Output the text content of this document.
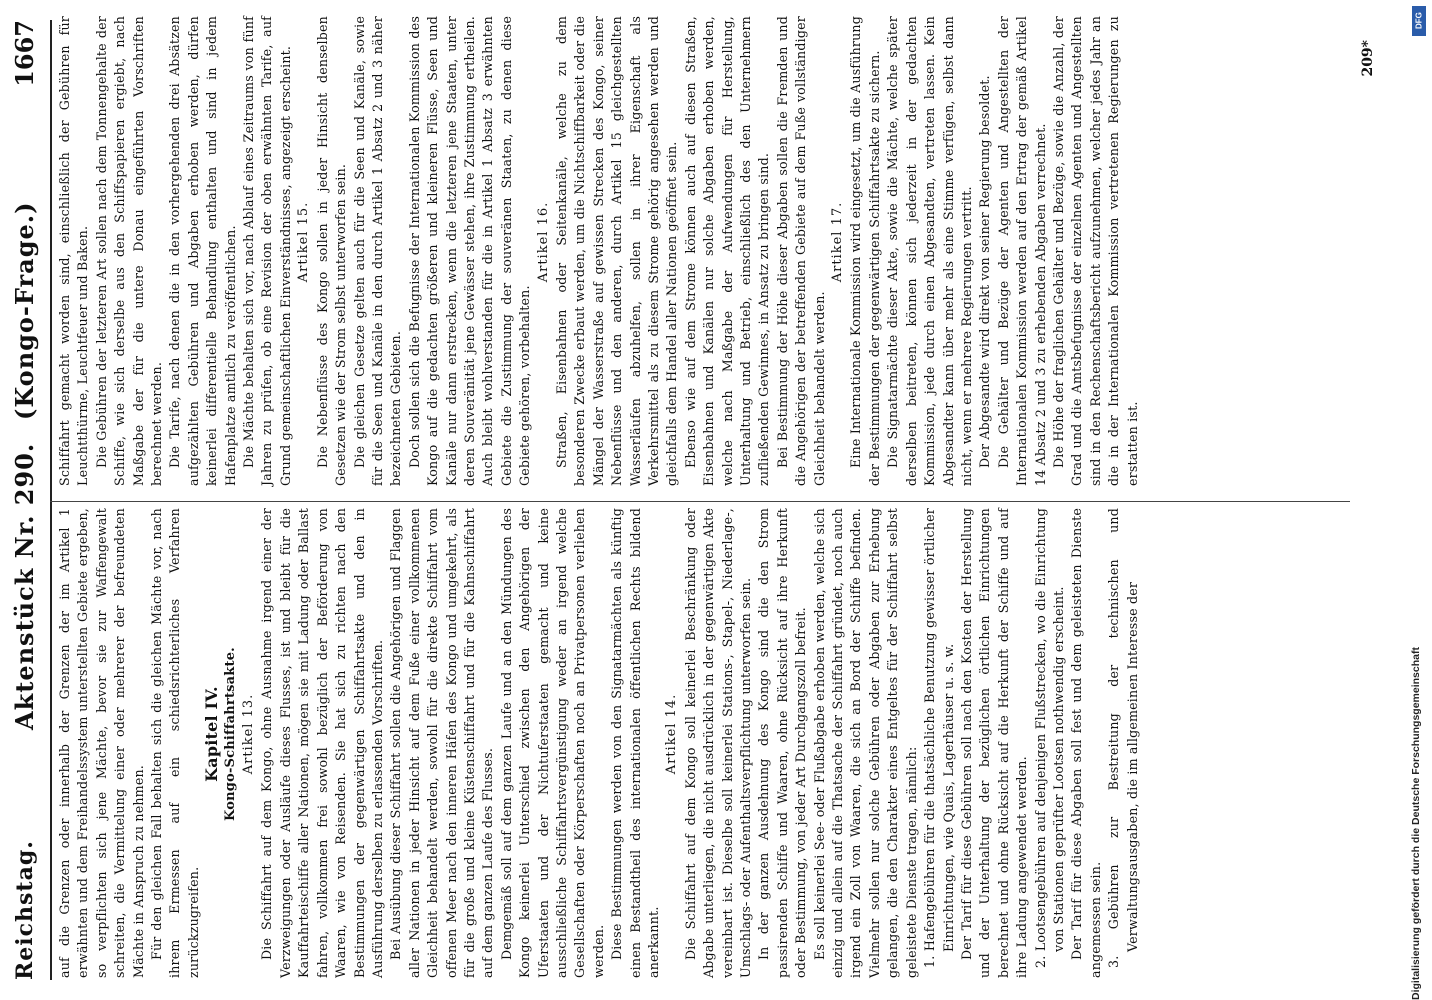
Reichstag.
Aktenstück Nr. 290.
(Kongo-Frage.)
1667

auf die Grenzen oder innerhalb der Grenzen der im Artikel 1 erwähnten und dem Freihandelssystem unterstellten Gebiete ergeben, so verpflichten sich jene Mächte, bevor sie zur Waffengewalt schreiten, die Vermittelung einer oder mehrerer der befreundeten Mächte in Anspruch zu nehmen. Für den gleichen Fall behalten sich die gleichen Mächte vor, nach ihrem Ermessen auf ein schiedsrichterliches Verfahren zurückzugreifen.

Kapitel IV. Kongo-Schiffahrtsakte. Artikel 13. Die Schiffahrt auf dem Kongo, ohne Ausnahme irgend einer der Verzweigungen oder Ausläufe dieses Flusses, ist und bleibt für die Kauffahrteischiffe aller Nationen, mögen sie mit Ladung oder Ballast fahren, vollkommen frei sowohl bezüglich der Beförderung von Waaren, wie von Reisenden. Sie hat sich zu richten nach den Bestimmungen der gegenwärtigen Schiffahrtsakte und den in Ausführung derselben zu erlassenden Vorschriften. Bei Ausübung dieser Schiffahrt sollen die Angehörigen und Flaggen aller Nationen in jeder Hinsicht auf dem Fuße einer vollkommenen Gleichheit behandelt werden, sowohl für die direkte Schiffahrt vom offenen Meer nach den inneren Häfen des Kongo und umgekehrt, als für die große und kleine Küstenschiffahrt und für die Kahnschiffahrt auf dem ganzen Laufe des Flusses. Demgemäß soll auf dem ganzen Laufe und an den Mündungen des Kongo keinerlei Unterschied zwischen den Angehörigen der Uferstaaten und der Nichtuferstaaten gemacht und keine ausschließliche Schiffahrtsvergünstigung weder an irgend welche Gesellschaften oder Körperschaften noch an Privatpersonen verliehen werden. Diese Bestimmungen werden von den Signatarmächten als künftig einen Bestandtheil des internationalen öffentlichen Rechts bildend anerkannt.

Artikel 14. Die Schiffahrt auf dem Kongo soll keinerlei Beschränkung oder Abgabe unterliegen, die nicht ausdrücklich in der gegenwärtigen Akte vereinbart ist. Dieselbe soll keinerlei Stations-, Stapel-, Niederlage-, Umschlags- oder Aufenthaltsverpflichtung unterworfen sein. In der ganzen Ausdehnung des Kongo sind die den Strom passirenden Schiffe und Waaren, ohne Rücksicht auf ihre Herkunft oder Bestimmung, von jeder Art Durchgangszoll befreit. Es soll keinerlei See- oder Flußabgabe erhoben werden, welche sich einzig und allein auf die Thatsache der Schiffahrt gründet, noch auch irgend ein Zoll von Waaren, die sich an Bord der Schiffe befinden. Vielmehr sollen nur solche Gebühren oder Abgaben zur Erhebung gelangen, die den Charakter eines Entgeltes für der Schiffahrt selbst geleistete Dienste tragen, nämlich: 1. Hafengebühren für die thatsächliche Benutzung gewisser örtlicher Einrichtungen, wie Quais, Lagerhäuser u. s. w. Der Tarif für diese Gebühren soll nach den Kosten der Herstellung und der Unterhaltung der bezüglichen örtlichen Einrichtungen berechnet und ohne Rücksicht auf die Herkunft der Schiffe und auf ihre Ladung angewendet werden. 2. Lootsengebühren auf denjenigen Flußstrecken, wo die Einrichtung von Stationen geprüfter Lootsen nothwendig erscheint. Der Tarif für diese Abgaben soll fest und dem geleisteten Dienste angemessen sein. 3. Gebühren zur Bestreitung der technischen und Verwaltungsausgaben, die im allgemeinen Interesse der

Schiffahrt gemacht worden sind, einschließlich der Gebühren für Leuchtthürme, Leuchtfeuer und Baken. Die Gebühren der letzteren Art sollen nach dem Tonnengehalte der Schiffe, wie sich derselbe aus den Schiffspapieren ergiebt, nach Maßgabe der für die untere Donau eingeführten Vorschriften berechnet werden. Die Tarife, nach denen die in den vorhergehenden drei Absätzen aufgezählten Gebühren und Abgaben erhoben werden, dürfen keinerlei differentielle Behandlung enthalten und sind in jedem Hafenplatze amtlich zu veröffentlichen. Die Mächte behalten sich vor, nach Ablauf eines Zeitraums von fünf Jahren zu prüfen, ob eine Revision der oben erwähnten Tarife, auf Grund gemeinschaftlichen Einverständnisses, angezeigt erscheint. Artikel 15. Die Nebenflüsse des Kongo sollen in jeder Hinsicht denselben Gesetzen wie der Strom selbst unterworfen sein. Die gleichen Gesetze gelten auch für die Seen und Kanäle, sowie für die Seen und Kanäle in den durch Artikel 1 Absatz 2 und 3 näher bezeichneten Gebieten. Doch sollen sich die Befugnisse der Internationalen Kommission des Kongo auf die gedachten größeren und kleineren Flüsse, Seen und Kanäle nur dann erstrecken, wenn die letzteren jene Staaten, unter deren Souveränität jene Gewässer stehen, ihre Zustimmung ertheilen. Auch bleibt wohlverstanden für die in Artikel 1 Absatz 3 erwähnten Gebiete die Zustimmung der souveränen Staaten, zu denen diese Gebiete gehören, vorbehalten.

Artikel 16. Straßen, Eisenbahnen oder Seitenkanäle, welche zu dem besonderen Zwecke erbaut werden, um die Nichtschiffbarkeit oder die Mängel der Wasserstraße auf gewissen Strecken des Kongo, seiner Nebenflüsse und den anderen, durch Artikel 15 gleichgestellten Wasserläufen abzuhelfen, sollen in ihrer Eigenschaft als Verkehrsmittel als zu diesem Strome gehörig angesehen werden und gleichfalls dem Handel aller Nationen geöffnet sein. Ebenso wie auf dem Strome können auch auf diesen Straßen, Eisenbahnen und Kanälen nur solche Abgaben erhoben werden, welche nach Maßgabe der Aufwendungen für Herstellung, Unterhaltung und Betrieb, einschließlich des den Unternehmern zufließenden Gewinnes, in Ansatz zu bringen sind. Bei Bestimmung der Höhe dieser Abgaben sollen die Fremden und die Angehörigen der betreffenden Gebiete auf dem Fuße vollständiger Gleichheit behandelt werden.

Artikel 17. Eine Internationale Kommission wird eingesetzt, um die Ausführung der Bestimmungen der gegenwärtigen Schiffahrtsakte zu sichern. Die Signatarmächte dieser Akte, sowie die Mächte, welche später derselben beitreten, können sich jederzeit in der gedachten Kommission, jede durch einen Abgesandten, vertreten lassen. Kein Abgesandter kann über mehr als eine Stimme verfügen, selbst dann nicht, wenn er mehrere Regierungen vertritt. Der Abgesandte wird direkt von seiner Regierung besoldet. Die Gehälter und Bezüge der Agenten und Angestellten der Internationalen Kommission werden auf den Ertrag der gemäß Artikel 14 Absatz 2 und 3 zu erhebenden Abgaben verrechnet. Die Höhe der fraglichen Gehälter und Bezüge, sowie die Anzahl, der Grad und die Amtsbefugnisse der einzelnen Agenten und Angestellten sind in den Rechenschaftsbericht aufzunehmen, welcher jedes Jahr an die in der Internationalen Kommission vertretenen Regierungen zu erstatten ist.

209*
Digitalisierung gefördert durch die Deutsche Forschungsgemeinschaft
DFG
